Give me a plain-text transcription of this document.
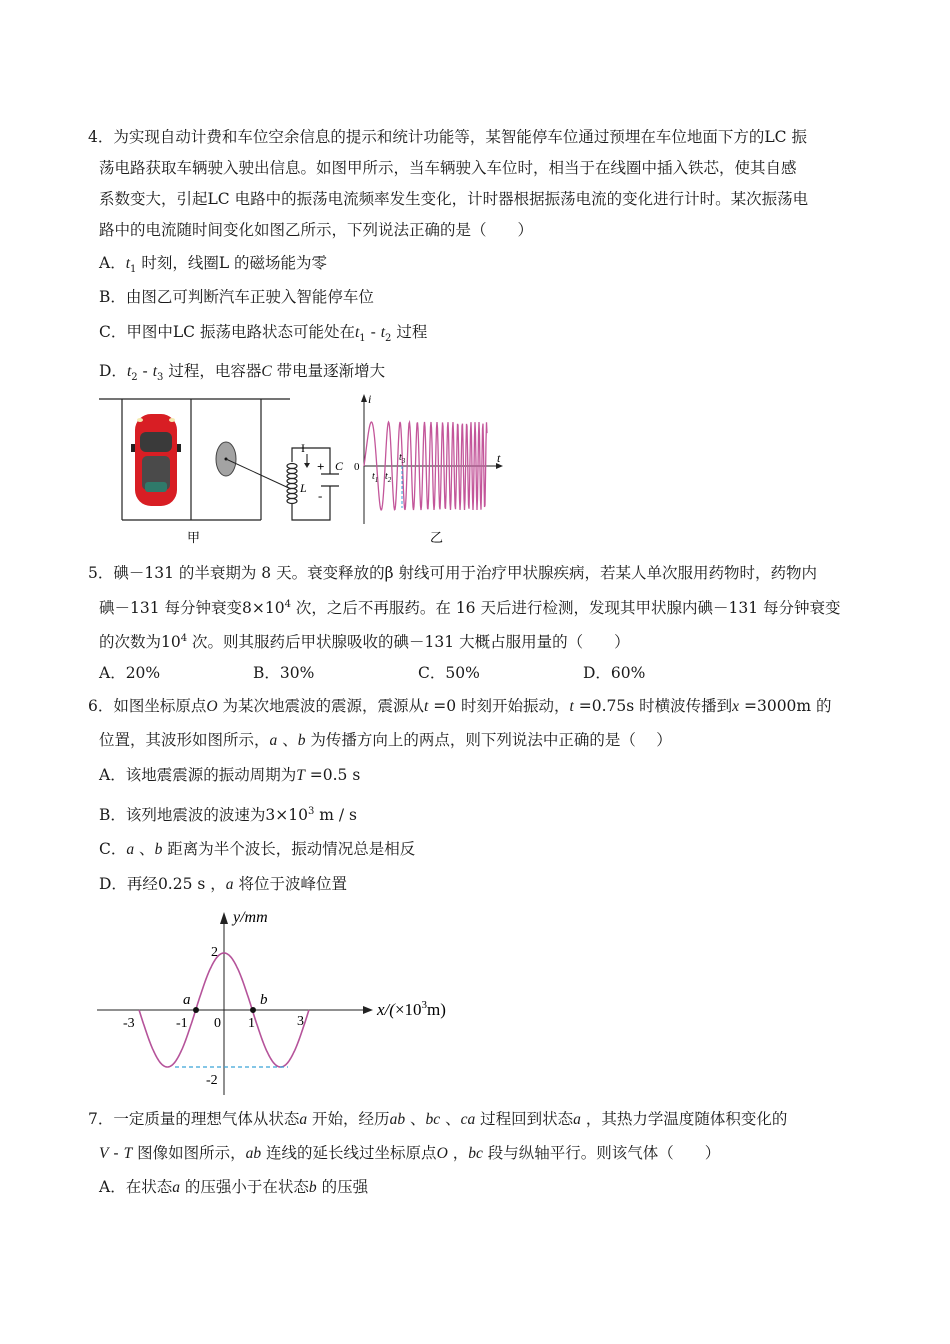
4．为实现自动计费和车位空余信息的提示和统计功能等，某智能停车位通过预埋在车位地面下方的LC 振
荡电路获取车辆驶入驶出信息。如图甲所示，当车辆驶入车位时，相当于在线圈中插入铁芯，使其自感
系数变大，引起LC 电路中的振荡电流频率发生变化，计时器根据振荡电流的变化进行计时。某次振荡电
路中的电流随时间变化如图乙所示，下列说法正确的是（　　）
A．$t_1$ 时刻，线圈L 的磁场能为零
B．由图乙可判断汽车正驶入智能停车位
C．甲图中LC 振荡电路状态可能处在$t_1 - t_2$ 过程
D．$t_2 - t_3$ 过程，电容器C 带电量逐渐增大
I
L
C
+
-
甲
i
t
0
$t_1$ $t_2$
$t_3$
乙
5．碘－131 的半衰期为 8 天。衰变释放的β 射线可用于治疗甲状腺疾病，若某人单次服用药物时，药物内
碘－131 每分钟衰变$8\times 10^4$ 次，之后不再服药。在 16 天后进行检测，发现其甲状腺内碘－131 每分钟衰变
的次数为$10^4$ 次。则其服药后甲状腺吸收的碘－131 大概占服用量的（　　）
A．20%	B．30%	C．50%	D．60%
6．如图坐标原点O 为某次地震波的震源，震源从t =0 时刻开始振动，t =0.75s 时横波传播到x =3000m 的
位置，其波形如图所示，a 、b 为传播方向上的两点，则下列说法中正确的是（　 ）
A．该地震震源的振动周期为T =0.5 s
B．该列地震波的波速为$3\times 10^3$ m / s
C．a 、b 距离为半个波长，振动情况总是相反
D．再经0.25 s ，a 将位于波峰位置
a	b
y/mm
$x/(\times 10^3m)$
-3	-1 0 1	3
2
-2
7．一定质量的理想气体从状态a 开始，经历ab 、bc 、ca 过程回到状态a ，其热力学温度随体积变化的
V - T 图像如图所示，ab 连线的延长线过坐标原点O ，bc 段与纵轴平行。则该气体（　　）
A．在状态a 的压强小于在状态b 的压强
